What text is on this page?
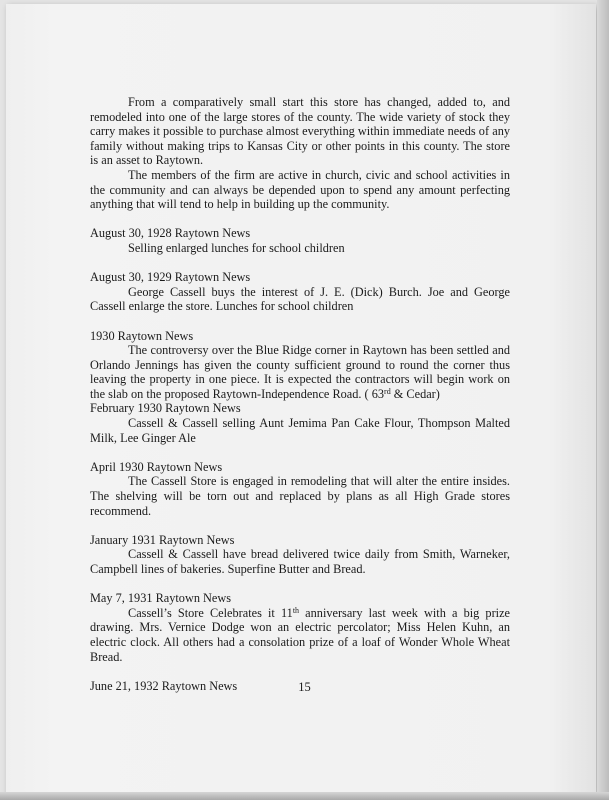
From a comparatively small start this store has changed, added to, and remodeled into one of the large stores of the county. The wide variety of stock they carry makes it possible to purchase almost everything within immediate needs of any family without making trips to Kansas City or other points in this county. The store is an asset to Raytown.

The members of the firm are active in church, civic and school activities in the community and can always be depended upon to spend any amount perfecting anything that will tend to help in building up the community.

August 30, 1928 Raytown News

Selling enlarged lunches for school children

August 30, 1929 Raytown News

George Cassell buys the interest of J. E. (Dick) Burch. Joe and George Cassell enlarge the store. Lunches for school children

1930 Raytown News

The controversy over the Blue Ridge corner in Raytown has been settled and Orlando Jennings has given the county sufficient ground to round the corner thus leaving the property in one piece. It is expected the contractors will begin work on the slab on the proposed Raytown-Independence Road. ( 63rd & Cedar)

February 1930 Raytown News

Cassell & Cassell selling Aunt Jemima Pan Cake Flour, Thompson Malted Milk, Lee Ginger Ale

April 1930 Raytown News

The Cassell Store is engaged in remodeling that will alter the entire insides. The shelving will be torn out and replaced by plans as all High Grade stores recommend.

January 1931 Raytown News

Cassell & Cassell have bread delivered twice daily from Smith, Warneker, Campbell lines of bakeries. Superfine Butter and Bread.

May 7, 1931 Raytown News

Cassell’s Store Celebrates it 11th anniversary last week with a big prize drawing. Mrs. Vernice Dodge won an electric percolator; Miss Helen Kuhn, an electric clock. All others had a consolation prize of a loaf of Wonder Whole Wheat Bread.

June 21, 1932 Raytown News	15
